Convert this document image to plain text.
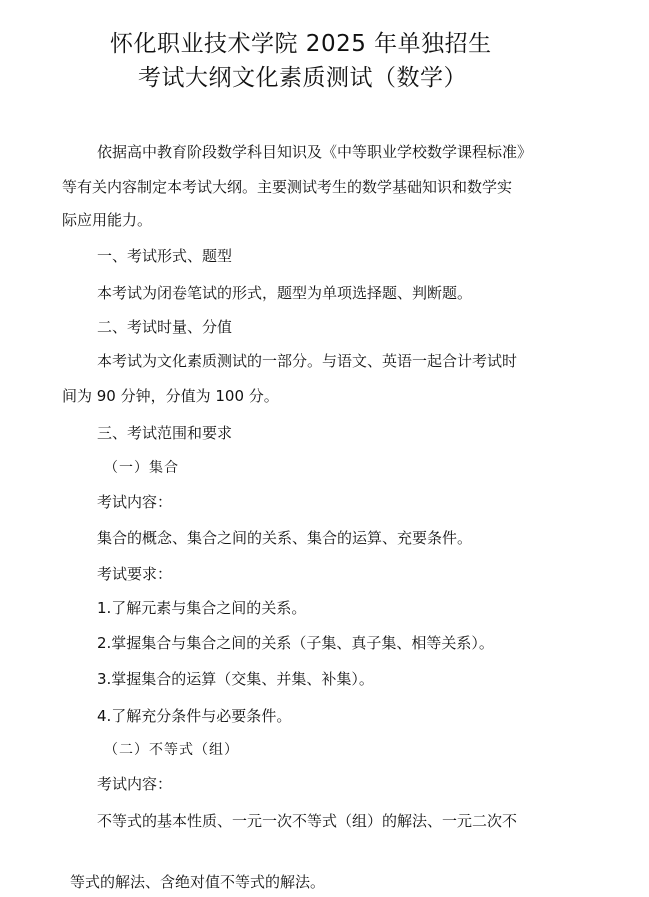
怀化职业技术学院 2025 年单独招生
考试大纲文化素质测试（数学）
依据高中教育阶段数学科目知识及《中等职业学校数学课程标准》
等有关内容制定本考试大纲。主要测试考生的数学基础知识和数学实
际应用能力。
一、考试形式、题型
本考试为闭卷笔试的形式，题型为单项选择题、判断题。
二、考试时量、分值
本考试为文化素质测试的一部分。与语文、英语一起合计考试时
间为 90 分钟，分值为 100 分。
三、考试范围和要求
（一）集合
考试内容：
集合的概念、集合之间的关系、集合的运算、充要条件。
考试要求：
1.了解元素与集合之间的关系。
2.掌握集合与集合之间的关系（子集、真子集、相等关系）。
3.掌握集合的运算（交集、并集、补集）。
4.了解充分条件与必要条件。
（二）不等式（组）
考试内容：
不等式的基本性质、一元一次不等式（组）的解法、一元二次不
等式的解法、含绝对值不等式的解法。
